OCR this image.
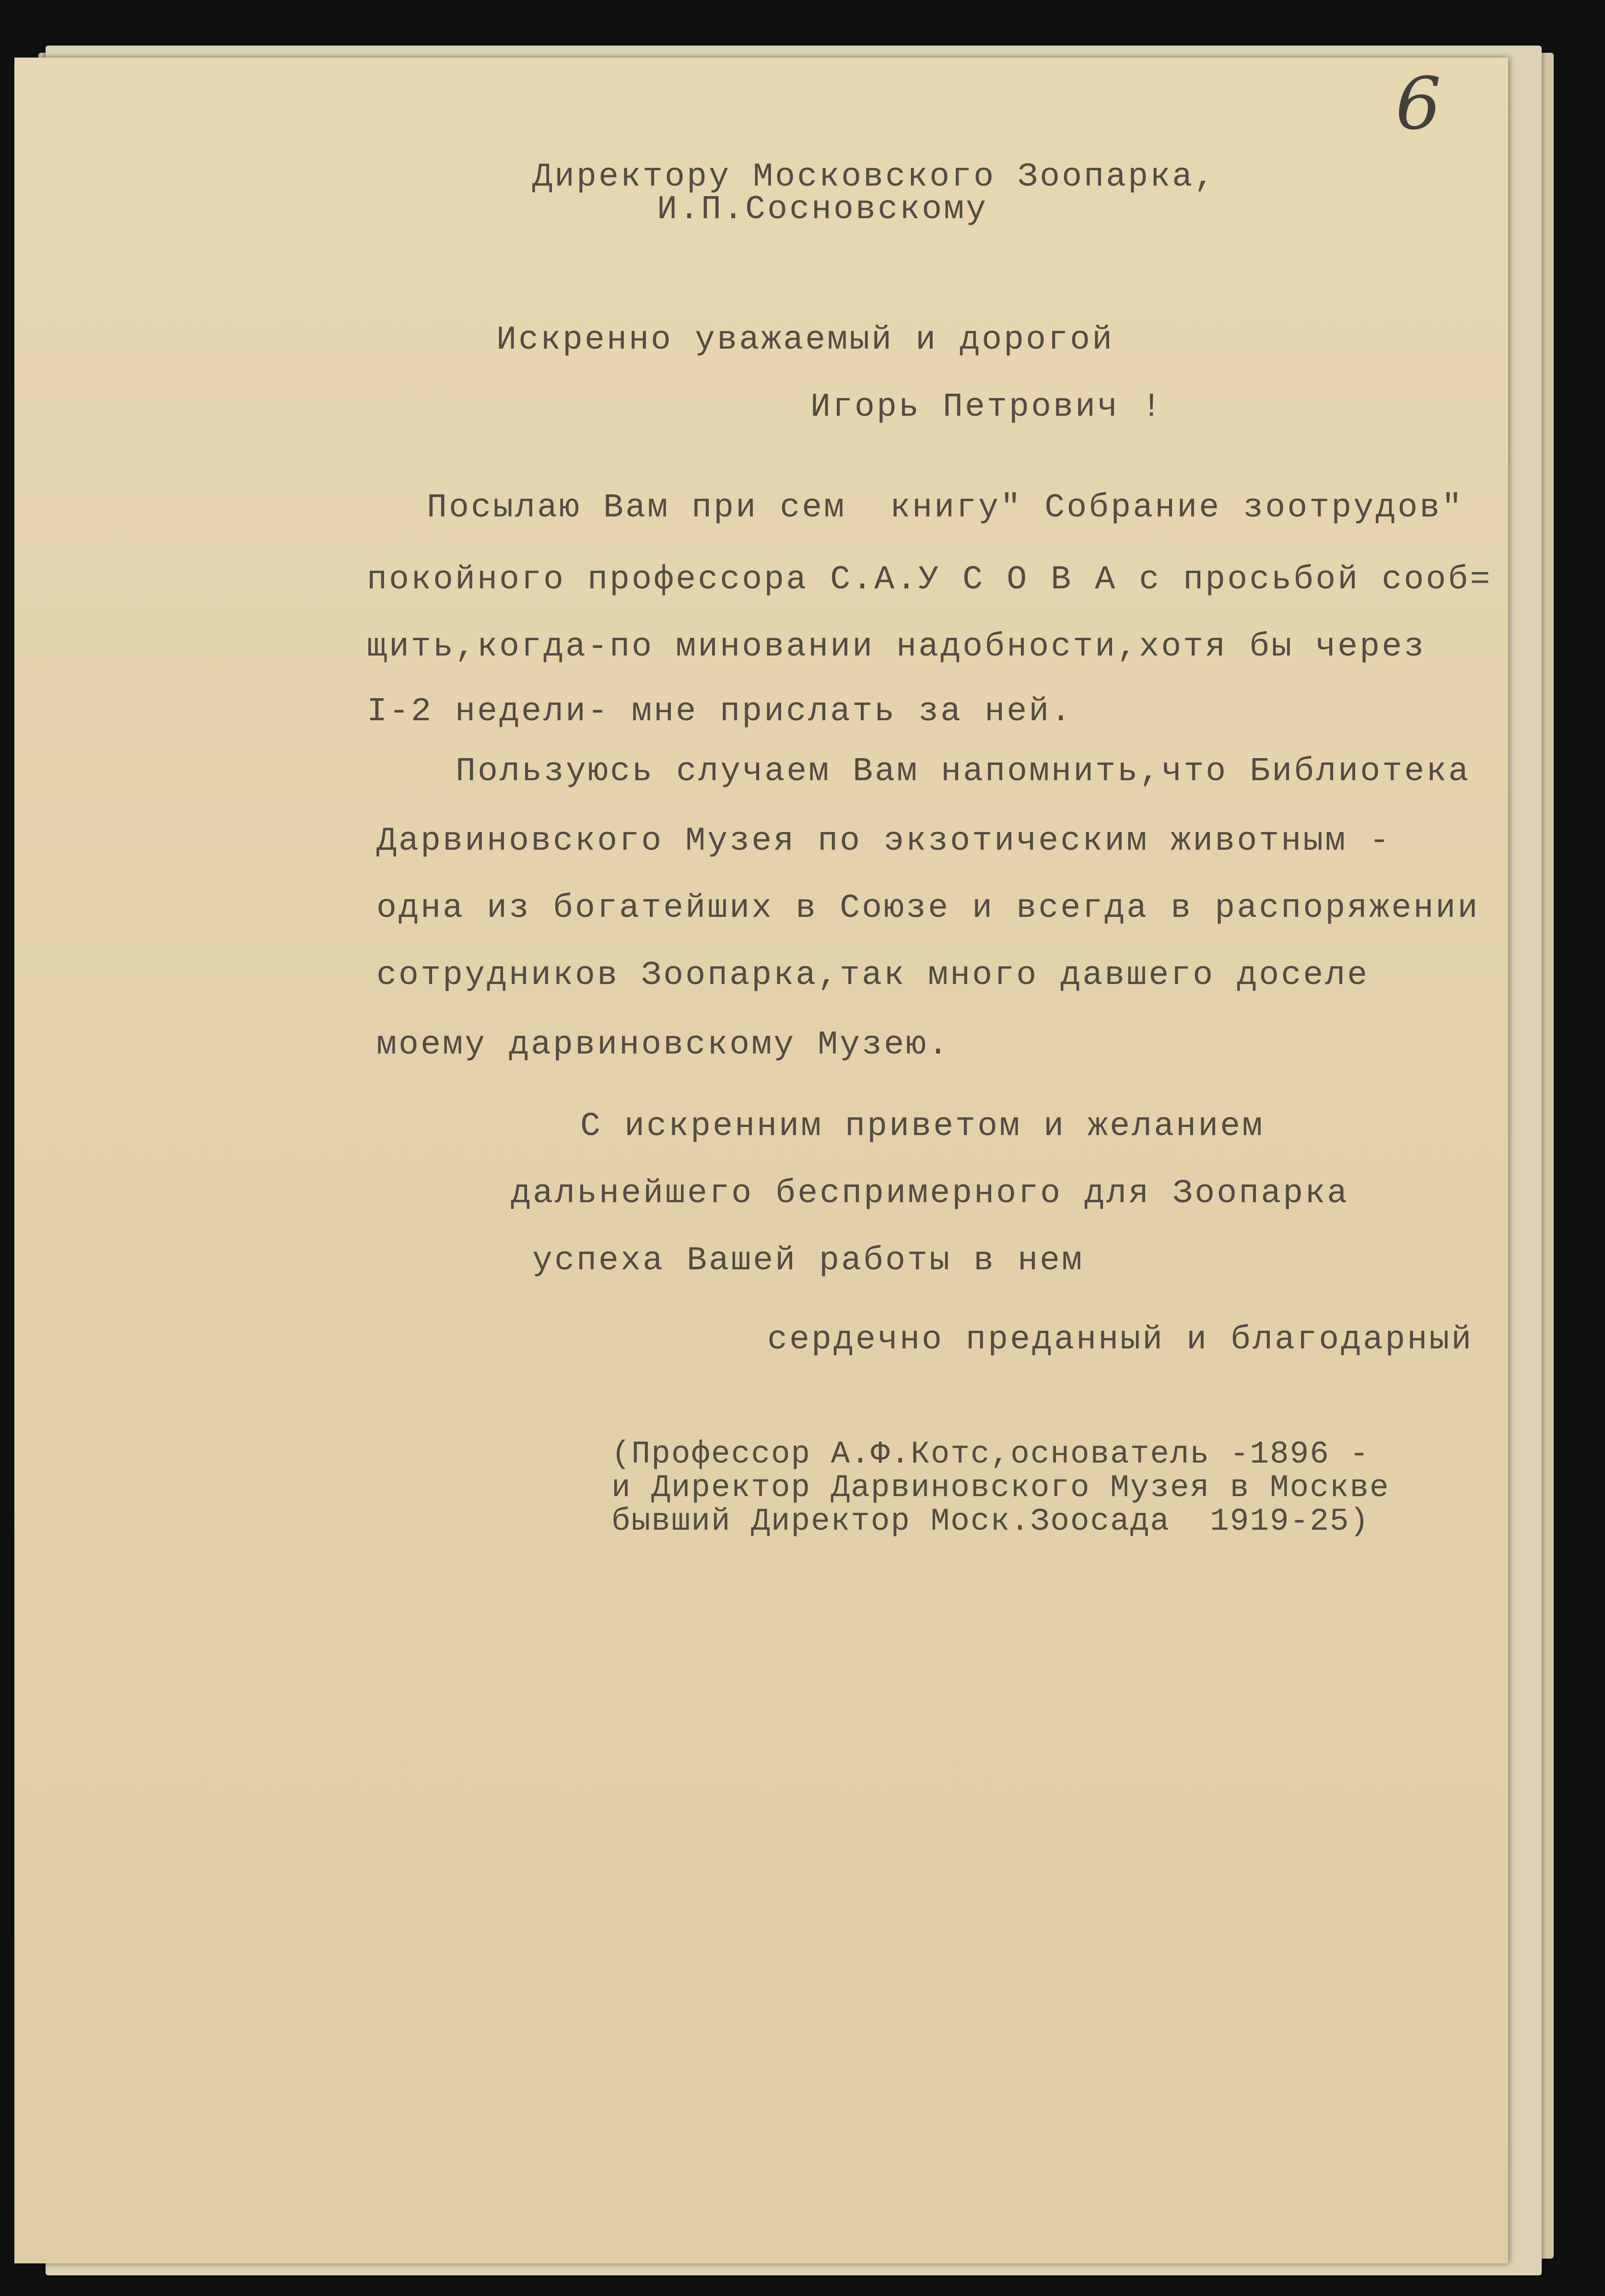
6
Директору Московского Зоопарка,
И.П.Сосновскому
Искренно уважаемый и дорогой
Игорь Петрович !
Посылаю Вам при сем  книгу" Собрание зоотрудов"
покойного профессора С.А.У С О В А с просьбой сооб=
щить,когда-по миновании надобности,хотя бы через
I-2 недели- мне прислать за ней.
Пользуюсь случаем Вам напомнить,что Библиотека
Дарвиновского Музея по экзотическим животным -
одна из богатейших в Союзе и всегда в распоряжении
сотрудников Зоопарка,так много давшего доселе
моему дарвиновскому Музею.
С искренним приветом и желанием
дальнейшего беспримерного для Зоопарка
успеха Вашей работы в нем
сердечно преданный и благодарный
(Профессор А.Ф.Котс,основатель -1896 -
и Директор Дарвиновского Музея в Москве
бывший Директор Моск.Зоосада  1919-25)
